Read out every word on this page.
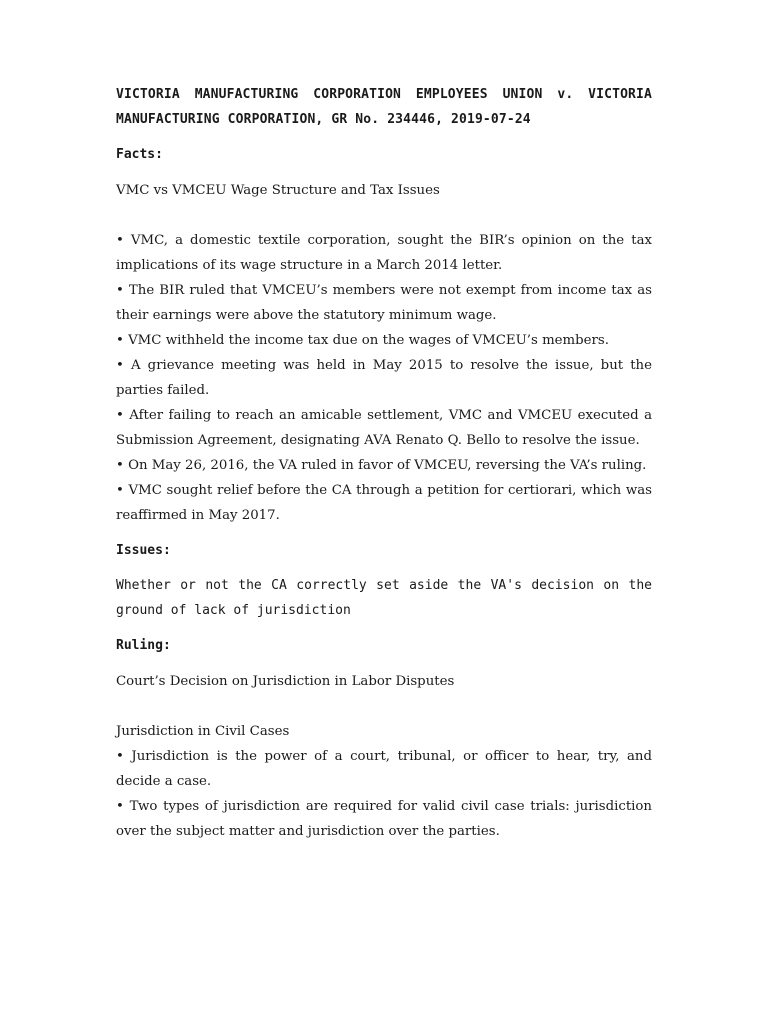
VICTORIA MANUFACTURING CORPORATION EMPLOYEES UNION v. VICTORIA MANUFACTURING CORPORATION, GR No. 234446, 2019-07-24

Facts:

VMC vs VMCEU Wage Structure and Tax Issues

• VMC, a domestic textile corporation, sought the BIR’s opinion on the tax implications of its wage structure in a March 2014 letter.

• The BIR ruled that VMCEU’s members were not exempt from income tax as their earnings were above the statutory minimum wage.

• VMC withheld the income tax due on the wages of VMCEU’s members.

• A grievance meeting was held in May 2015 to resolve the issue, but the parties failed.

• After failing to reach an amicable settlement, VMC and VMCEU executed a Submission Agreement, designating AVA Renato Q. Bello to resolve the issue.

• On May 26, 2016, the VA ruled in favor of VMCEU, reversing the VA’s ruling.

• VMC sought relief before the CA through a petition for certiorari, which was reaffirmed in May 2017.

Issues:

Whether or not the CA correctly set aside the VA's decision on the ground of lack of jurisdiction

Ruling:

Court’s Decision on Jurisdiction in Labor Disputes

Jurisdiction in Civil Cases

• Jurisdiction is the power of a court, tribunal, or officer to hear, try, and decide a case.

• Two types of jurisdiction are required for valid civil case trials: jurisdiction over the subject matter and jurisdiction over the parties.
